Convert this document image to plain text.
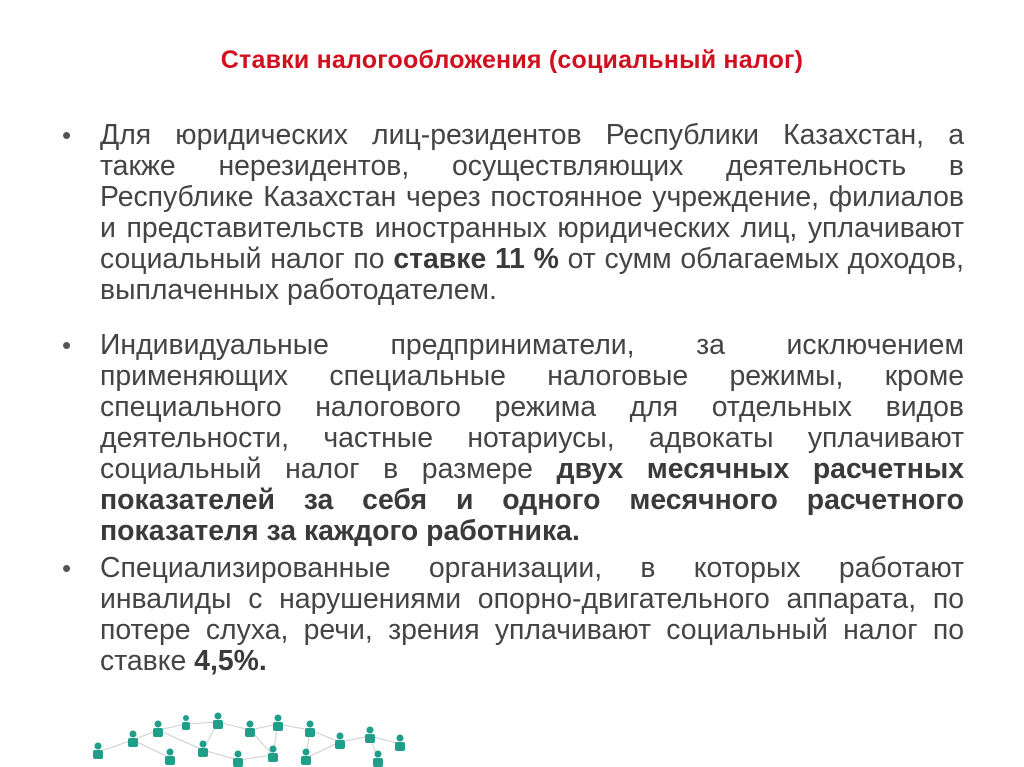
Ставки налогообложения (социальный налог)
•	Для юридических лиц-резидентов Республики Казахстан, а также нерезидентов, осуществляющих деятельность в Республике Казахстан через постоянное учреждение, филиалов и представительств иностранных юридических лиц, уплачивают социальный налог по ставке 11 % от сумм облагаемых доходов, выплаченных работодателем.
•	Индивидуальные предприниматели, за исключением применяющих специальные налоговые режимы, кроме специального налогового режима для отдельных видов деятельности, частные нотариусы, адвокаты уплачивают социальный налог в размере двух месячных расчетных показателей за себя и одного месячного расчетного показателя за каждого работника.
•	Специализированные организации, в которых работают инвалиды с нарушениями опорно-двигательного аппарата, по потере слуха, речи, зрения уплачивают социальный налог по ставке 4,5%.
